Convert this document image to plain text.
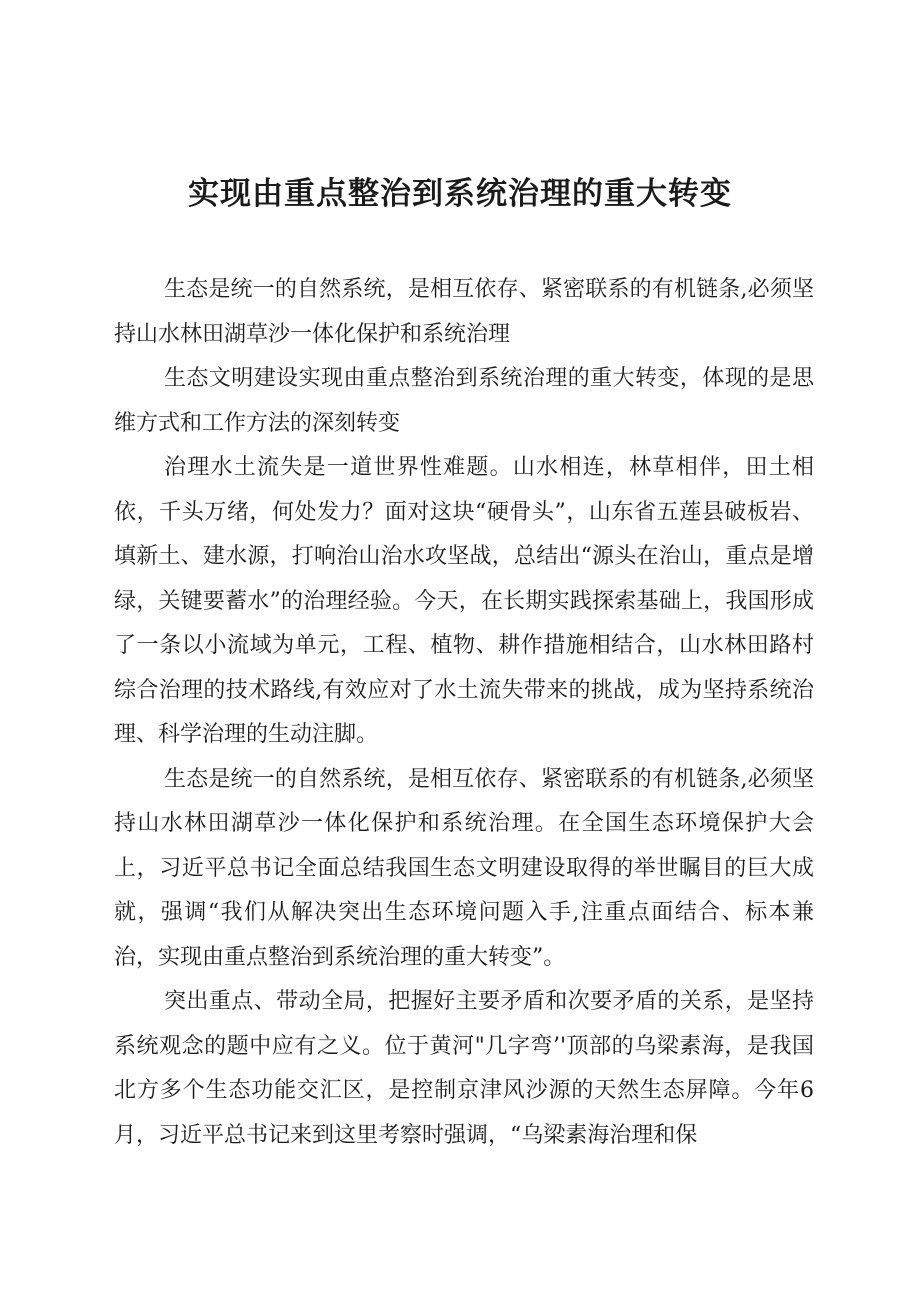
实现由重点整治到系统治理的重大转变

生态是统一的自然系统，是相互依存、紧密联系的有机链条,必须坚持山水林田湖草沙一体化保护和系统治理

生态文明建设实现由重点整治到系统治理的重大转变，体现的是思维方式和工作方法的深刻转变

治理水土流失是一道世界性难题。山水相连，林草相伴，田土相依，千头万绪，何处发力？面对这块“硬骨头”，山东省五莲县破板岩、填新土、建水源，打响治山治水攻坚战，总结出“源头在治山，重点是增绿，关键要蓄水”的治理经验。今天，在长期实践探索基础上，我国形成了一条以小流域为单元，工程、植物、耕作措施相结合，山水林田路村综合治理的技术路线,有效应对了水土流失带来的挑战，成为坚持系统治理、科学治理的生动注脚。

生态是统一的自然系统，是相互依存、紧密联系的有机链条,必须坚持山水林田湖草沙一体化保护和系统治理。在全国生态环境保护大会上，习近平总书记全面总结我国生态文明建设取得的举世瞩目的巨大成就，强调“我们从解决突出生态环境问题入手,注重点面结合、标本兼治，实现由重点整治到系统治理的重大转变”。

突出重点、带动全局，把握好主要矛盾和次要矛盾的关系，是坚持系统观念的题中应有之义。位于黄河"几字弯’'顶部的乌梁素海，是我国北方多个生态功能交汇区，是控制京津风沙源的天然生态屏障。今年6月，习近平总书记来到这里考察时强调，“乌梁素海治理和保
